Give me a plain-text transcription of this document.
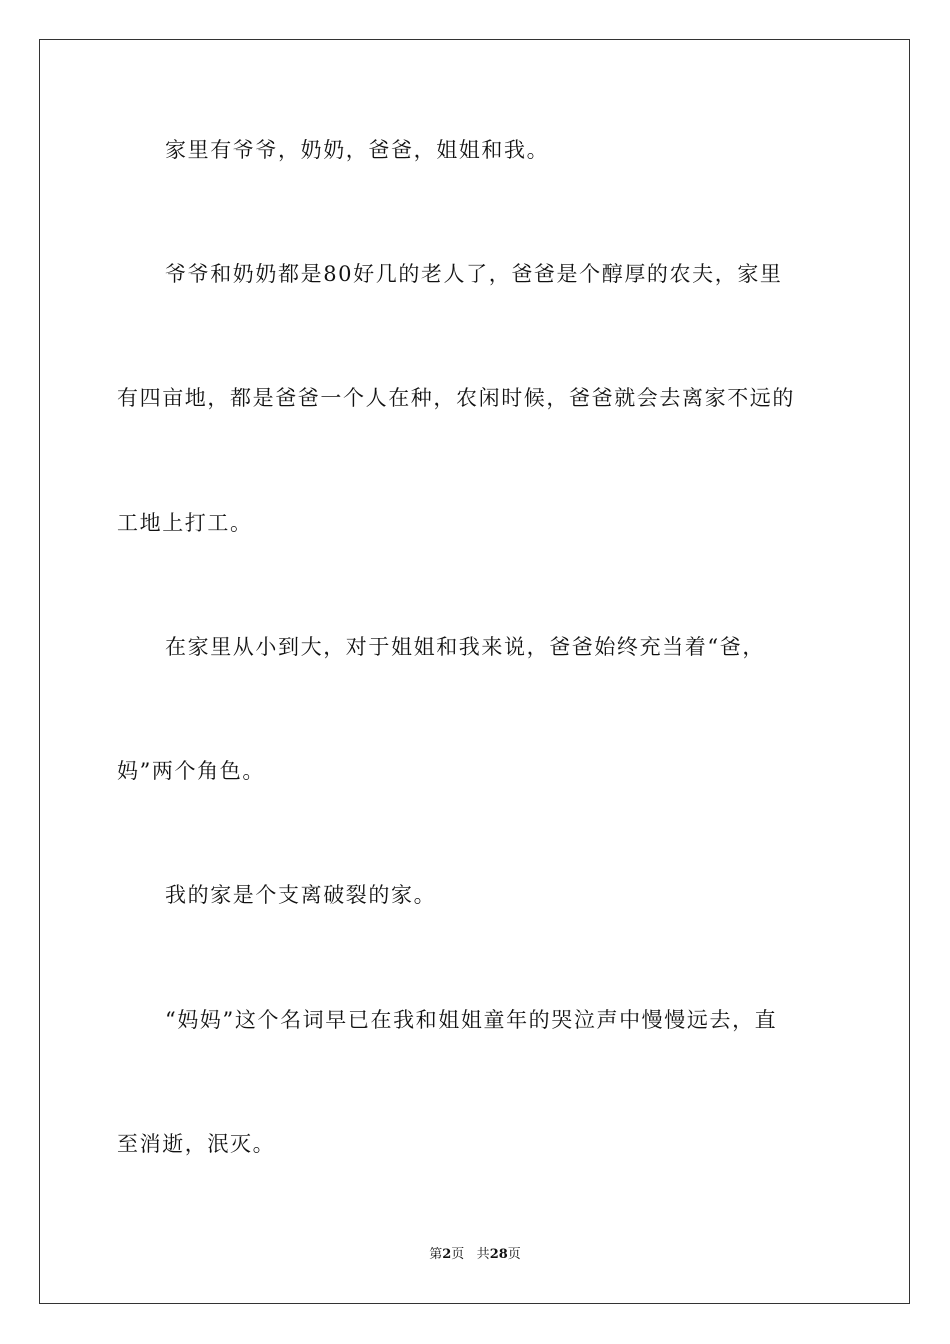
家里有爷爷，奶奶，爸爸，姐姐和我。

爷爷和奶奶都是80好几的老人了，爸爸是个醇厚的农夫，家里

有四亩地，都是爸爸一个人在种，农闲时候，爸爸就会去离家不远的

工地上打工。

在家里从小到大，对于姐姐和我来说，爸爸始终充当着“爸，

妈”两个角色。

我的家是个支离破裂的家。

“妈妈”这个名词早已在我和姐姐童年的哭泣声中慢慢远去，直

至消逝，泯灭。

第2页 共28页
